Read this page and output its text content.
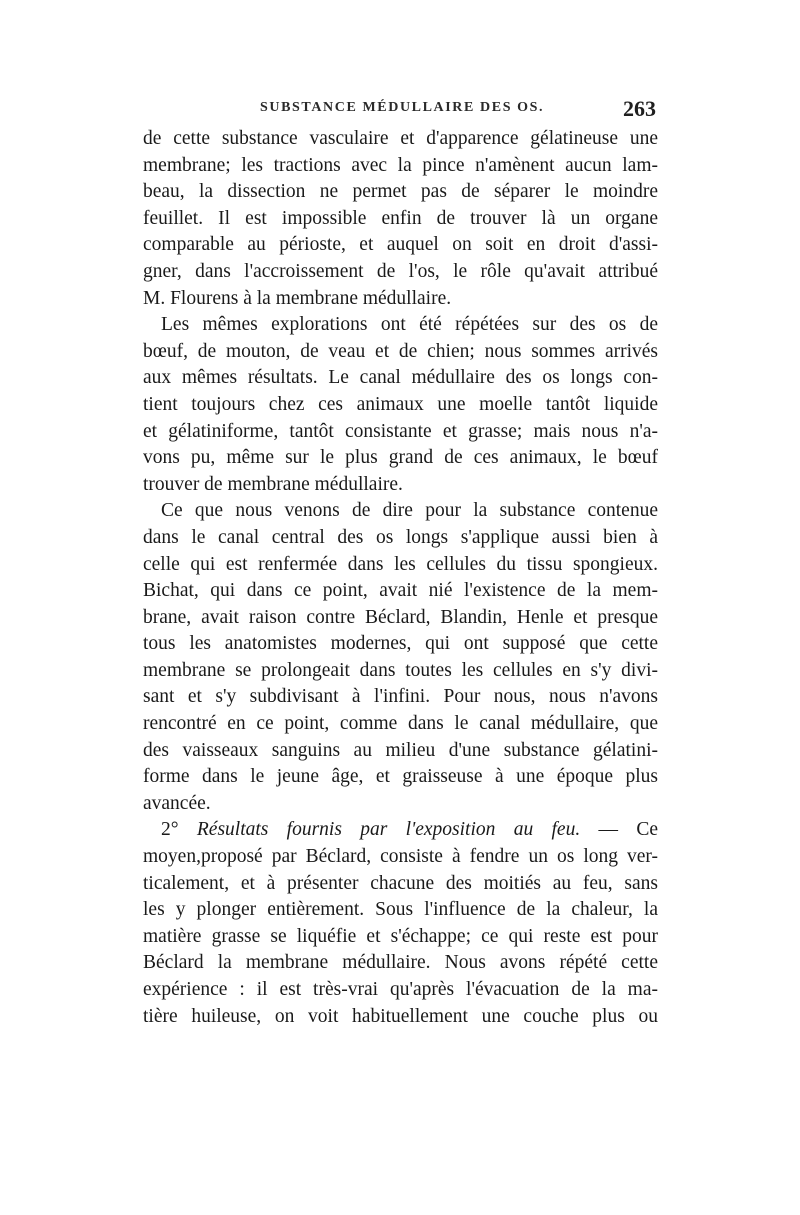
SUBSTANCE MÉDULLAIRE DES OS.	263
de cette substance vasculaire et d'apparence gélatineuse une
membrane; les tractions avec la pince n'amènent aucun lam-
beau, la dissection ne permet pas de séparer le moindre
feuillet. Il est impossible enfin de trouver là un organe
comparable au périoste, et auquel on soit en droit d'assi-
gner, dans l'accroissement de l'os, le rôle qu'avait attribué
M. Flourens à la membrane médullaire.
Les mêmes explorations ont été répétées sur des os de
bœuf, de mouton, de veau et de chien; nous sommes arrivés
aux mêmes résultats. Le canal médullaire des os longs con-
tient toujours chez ces animaux une moelle tantôt liquide
et gélatiniforme, tantôt consistante et grasse; mais nous n'a-
vons pu, même sur le plus grand de ces animaux, le bœuf
trouver de membrane médullaire.
Ce que nous venons de dire pour la substance contenue
dans le canal central des os longs s'applique aussi bien à
celle qui est renfermée dans les cellules du tissu spongieux.
Bichat, qui dans ce point, avait nié l'existence de la mem-
brane, avait raison contre Béclard, Blandin, Henle et presque
tous les anatomistes modernes, qui ont supposé que cette
membrane se prolongeait dans toutes les cellules en s'y divi-
sant et s'y subdivisant à l'infini. Pour nous, nous n'avons
rencontré en ce point, comme dans le canal médullaire, que
des vaisseaux sanguins au milieu d'une substance gélatini-
forme dans le jeune âge, et graisseuse à une époque plus
avancée.
2° Résultats fournis par l'exposition au feu. — Ce
moyen,proposé par Béclard, consiste à fendre un os long ver-
ticalement, et à présenter chacune des moitiés au feu, sans
les y plonger entièrement. Sous l'influence de la chaleur, la
matière grasse se liquéfie et s'échappe; ce qui reste est pour
Béclard la membrane médullaire. Nous avons répété cette
expérience : il est très-vrai qu'après l'évacuation de la ma-
tière huileuse, on voit habituellement une couche plus ou
